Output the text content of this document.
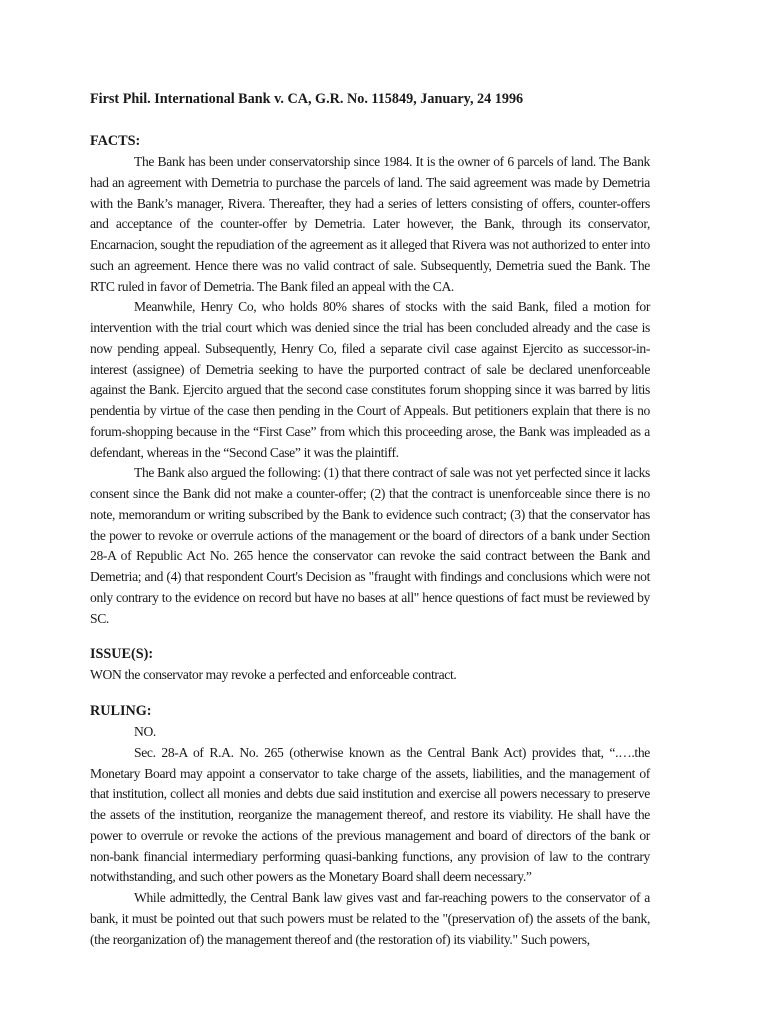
First Phil. International Bank v. CA, G.R. No. 115849, January, 24 1996

FACTS:

The Bank has been under conservatorship since 1984. It is the owner of 6 parcels of land. The Bank had an agreement with Demetria to purchase the parcels of land. The said agreement was made by Demetria with the Bank’s manager, Rivera. Thereafter, they had a series of letters consisting of offers, counter-offers and acceptance of the counter-offer by Demetria. Later however, the Bank, through its conservator, Encarnacion, sought the repudiation of the agreement as it alleged that Rivera was not authorized to enter into such an agreement. Hence there was no valid contract of sale. Subsequently, Demetria sued the Bank. The RTC ruled in favor of Demetria. The Bank filed an appeal with the CA.

Meanwhile, Henry Co, who holds 80% shares of stocks with the said Bank, filed a motion for intervention with the trial court which was denied since the trial has been concluded already and the case is now pending appeal. Subsequently, Henry Co, filed a separate civil case against Ejercito as successor-in-interest (assignee) of Demetria seeking to have the purported contract of sale be declared unenforceable against the Bank. Ejercito argued that the second case constitutes forum shopping since it was barred by litis pendentia by virtue of the case then pending in the Court of Appeals. But petitioners explain that there is no forum-shopping because in the “First Case” from which this proceeding arose, the Bank was impleaded as a defendant, whereas in the “Second Case” it was the plaintiff.

The Bank also argued the following: (1) that there contract of sale was not yet perfected since it lacks consent since the Bank did not make a counter-offer; (2) that the contract is unenforceable since there is no note, memorandum or writing subscribed by the Bank to evidence such contract; (3) that the conservator has the power to revoke or overrule actions of the management or the board of directors of a bank under Section 28-A of Republic Act No. 265 hence the conservator can revoke the said contract between the Bank and Demetria; and (4) that respondent Court's Decision as "fraught with findings and conclusions which were not only contrary to the evidence on record but have no bases at all" hence questions of fact must be reviewed by SC.

ISSUE(S):

WON the conservator may revoke a perfected and enforceable contract.

RULING:

NO.

Sec. 28-A of R.A. No. 265 (otherwise known as the Central Bank Act) provides that, “.….the Monetary Board may appoint a conservator to take charge of the assets, liabilities, and the management of that institution, collect all monies and debts due said institution and exercise all powers necessary to preserve the assets of the institution, reorganize the management thereof, and restore its viability. He shall have the power to overrule or revoke the actions of the previous management and board of directors of the bank or non-bank financial intermediary performing quasi-banking functions, any provision of law to the contrary notwithstanding, and such other powers as the Monetary Board shall deem necessary.”

While admittedly, the Central Bank law gives vast and far-reaching powers to the conservator of a bank, it must be pointed out that such powers must be related to the "(preservation of) the assets of the bank, (the reorganization of) the management thereof and (the restoration of) its viability." Such powers,
